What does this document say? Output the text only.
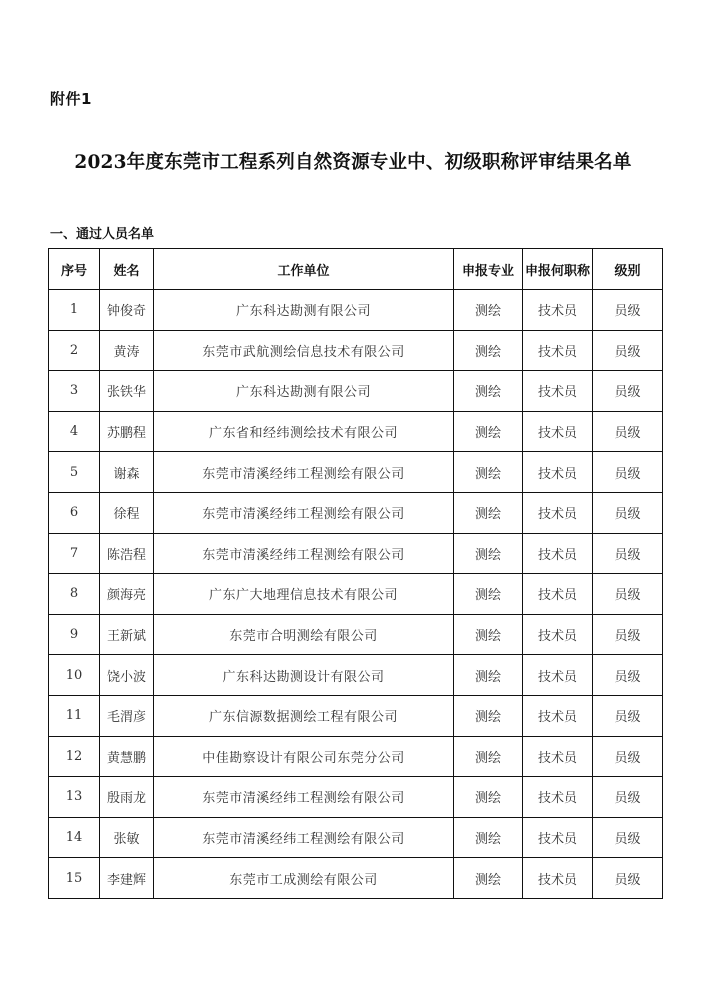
附件1
2023年度东莞市工程系列自然资源专业中、初级职称评审结果名单
一、通过人员名单
序号	姓名	工作单位	申报专业	申报何职称	级别
1	钟俊奇	广东科达勘测有限公司	测绘	技术员	员级
2	黄涛	东莞市武航测绘信息技术有限公司	测绘	技术员	员级
3	张铁华	广东科达勘测有限公司	测绘	技术员	员级
4	苏鹏程	广东省和经纬测绘技术有限公司	测绘	技术员	员级
5	谢森	东莞市清溪经纬工程测绘有限公司	测绘	技术员	员级
6	徐程	东莞市清溪经纬工程测绘有限公司	测绘	技术员	员级
7	陈浩程	东莞市清溪经纬工程测绘有限公司	测绘	技术员	员级
8	颜海亮	广东广大地理信息技术有限公司	测绘	技术员	员级
9	王新斌	东莞市合明测绘有限公司	测绘	技术员	员级
10	饶小波	广东科达勘测设计有限公司	测绘	技术员	员级
11	毛渭彦	广东信源数据测绘工程有限公司	测绘	技术员	员级
12	黄慧鹏	中佳勘察设计有限公司东莞分公司	测绘	技术员	员级
13	殷雨龙	东莞市清溪经纬工程测绘有限公司	测绘	技术员	员级
14	张敏	东莞市清溪经纬工程测绘有限公司	测绘	技术员	员级
15	李建辉	东莞市工成测绘有限公司	测绘	技术员	员级
